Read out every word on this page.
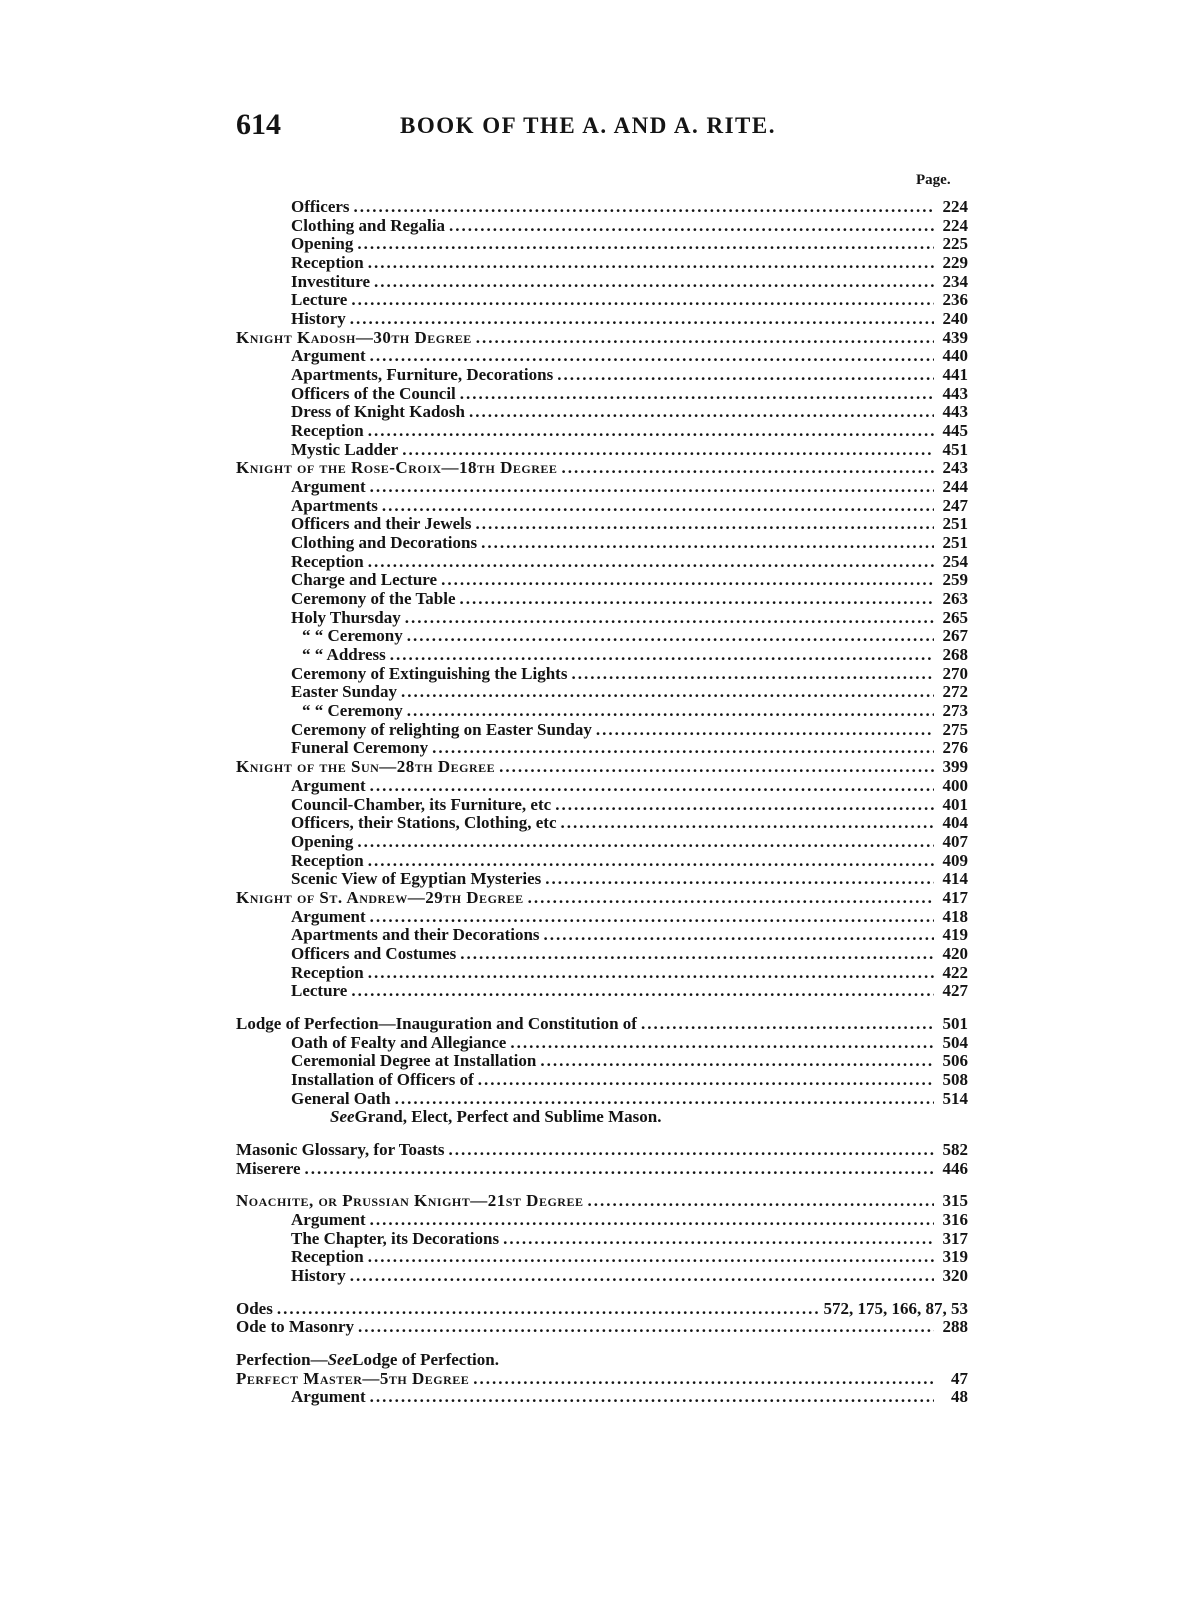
614	BOOK OF THE A. AND A. RITE.
Page.
Officers .....	224
Clothing and Regalia .....	224
Opening .....	225
Reception .....	229
Investiture .....	234
Lecture .....	236
History .....	240
Knight Kadosh—30th Degree .....	439
Argument .....	440
Apartments, Furniture, Decorations .....	441
Officers of the Council .....	443
Dress of Knight Kadosh .....	443
Reception .....	445
Mystic Ladder .....	451
Knight of the Rose-Croix—18th Degree .....	243
Argument .....	244
Apartments .....	247
Officers and their Jewels .....	251
Clothing and Decorations .....	251
Reception .....	254
Charge and Lecture .....	259
Ceremony of the Table .....	263
Holy Thursday .....	265
“ “ Ceremony .....	267
“ “ Address .....	268
Ceremony of Extinguishing the Lights .....	270
Easter Sunday .....	272
“ “ Ceremony .....	273
Ceremony of relighting on Easter Sunday .....	275
Funeral Ceremony .....	276
Knight of the Sun—28th Degree .....	399
Argument .....	400
Council-Chamber, its Furniture, etc .....	401
Officers, their Stations, Clothing, etc .....	404
Opening .....	407
Reception .....	409
Scenic View of Egyptian Mysteries .....	414
Knight of St. Andrew—29th Degree .....	417
Argument .....	418
Apartments and their Decorations .....	419
Officers and Costumes .....	420
Reception .....	422
Lecture .....	427
Lodge of Perfection—Inauguration and Constitution of .....	501
Oath of Fealty and Allegiance .....	504
Ceremonial Degree at Installation .....	506
Installation of Officers of .....	508
General Oath .....	514
See Grand, Elect, Perfect and Sublime Mason.
Masonic Glossary, for Toasts .....	582
Miserere .....	446
Noachite, or Prussian Knight—21st Degree .....	315
Argument .....	316
The Chapter, its Decorations .....	317
Reception .....	319
History .....	320
Odes .....	572, 175, 166, 87, 53
Ode to Masonry .....	288
Perfection— See Lodge of Perfection.
Perfect Master—5th Degree .....	47
Argument .....	48
